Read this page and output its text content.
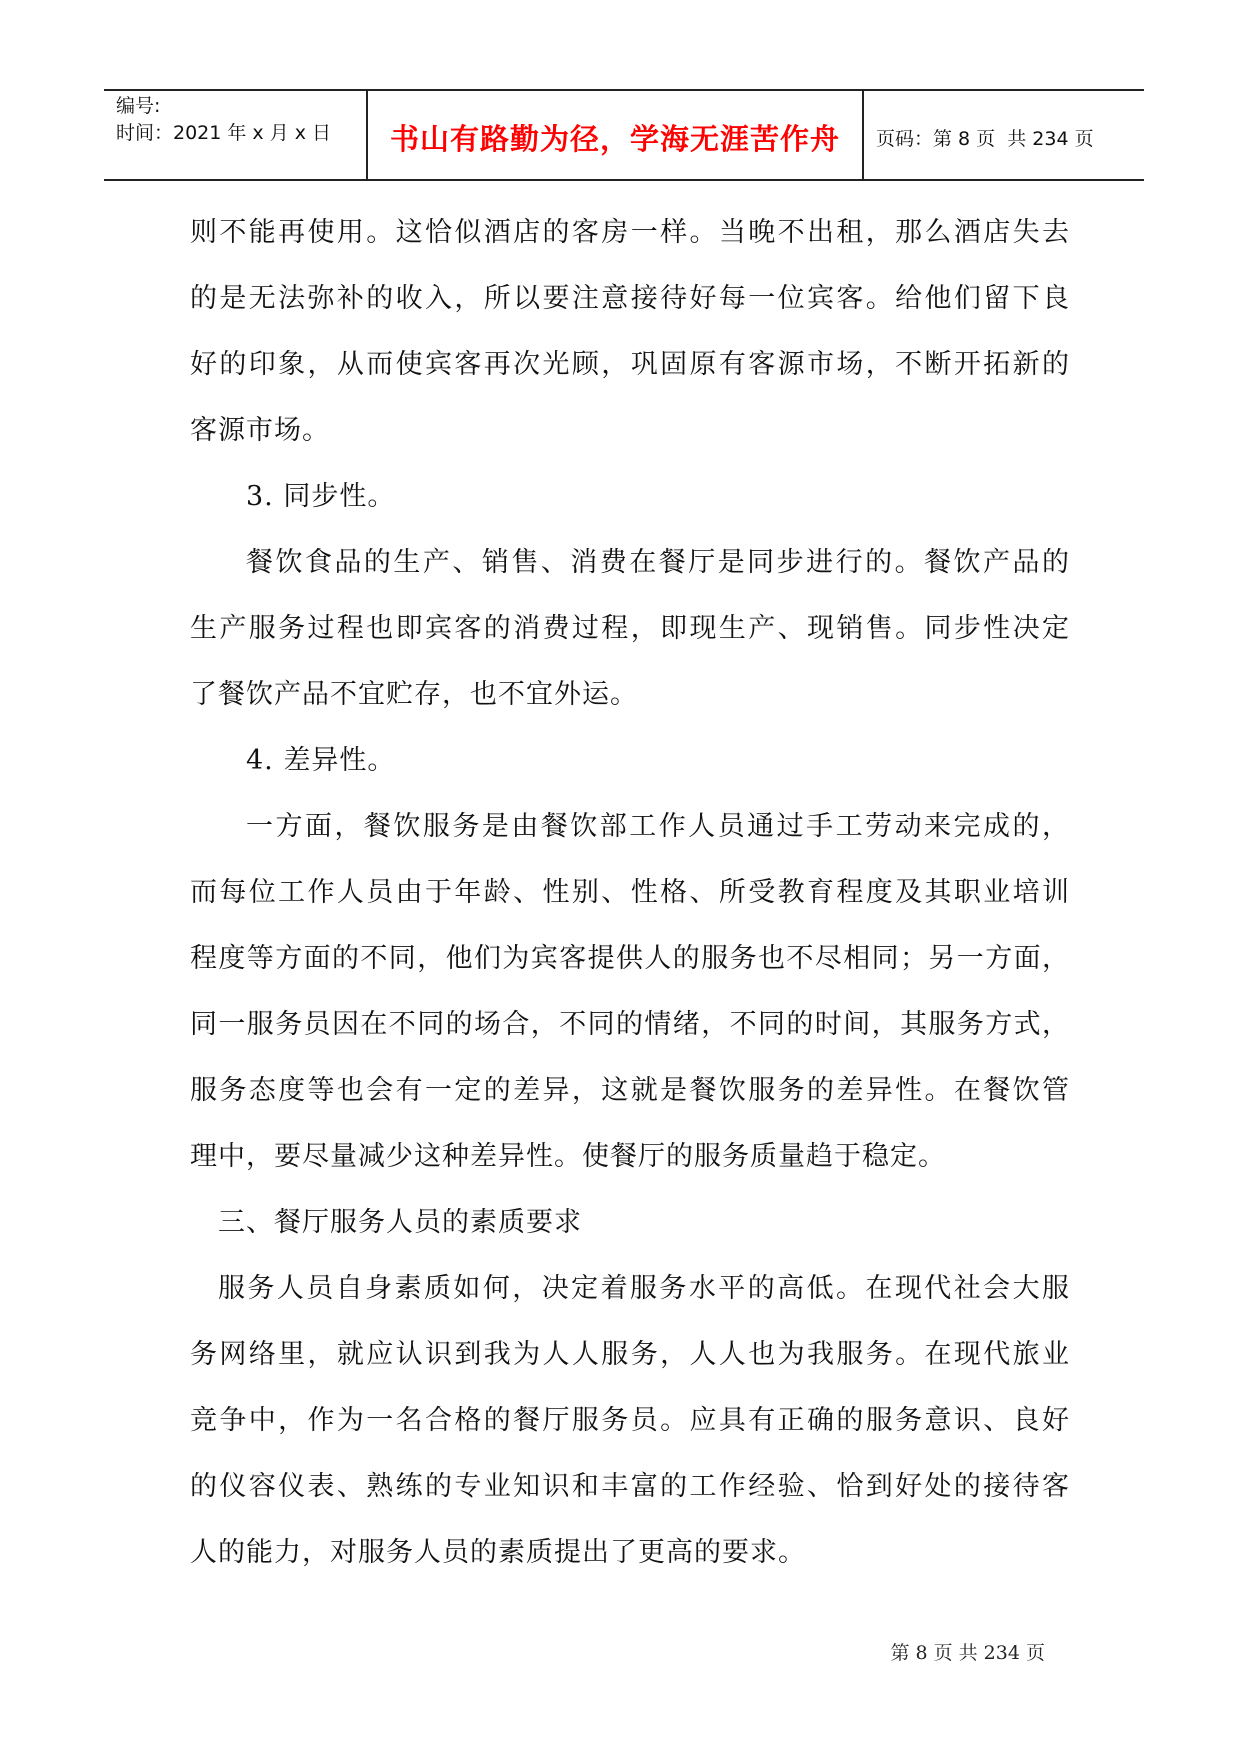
编号:
时间：2021 年 x 月 x 日	书山有路勤为径，学海无涯苦作舟	页码：第 8 页  共 234 页
则不能再使用。这恰似酒店的客房一样。当晚不出租，那么酒店失去
的是无法弥补的收入，所以要注意接待好每一位宾客。给他们留下良
好的印象，从而使宾客再次光顾，巩固原有客源市场，不断开拓新的
客源市场。
3. 同步性。
餐饮食品的生产、销售、消费在餐厅是同步进行的。餐饮产品的
生产服务过程也即宾客的消费过程，即现生产、现销售。同步性决定
了餐饮产品不宜贮存，也不宜外运。
4. 差异性。
一方面，餐饮服务是由餐饮部工作人员通过手工劳动来完成的，
而每位工作人员由于年龄、性别、性格、所受教育程度及其职业培训
程度等方面的不同，他们为宾客提供人的服务也不尽相同；另一方面，
同一服务员因在不同的场合，不同的情绪，不同的时间，其服务方式，
服务态度等也会有一定的差异，这就是餐饮服务的差异性。在餐饮管
理中，要尽量减少这种差异性。使餐厅的服务质量趋于稳定。
三、餐厅服务人员的素质要求
服务人员自身素质如何，决定着服务水平的高低。在现代社会大服
务网络里，就应认识到我为人人服务，人人也为我服务。在现代旅业
竞争中，作为一名合格的餐厅服务员。应具有正确的服务意识、良好
的仪容仪表、熟练的专业知识和丰富的工作经验、恰到好处的接待客
人的能力，对服务人员的素质提出了更高的要求。
第 8 页 共 234 页
